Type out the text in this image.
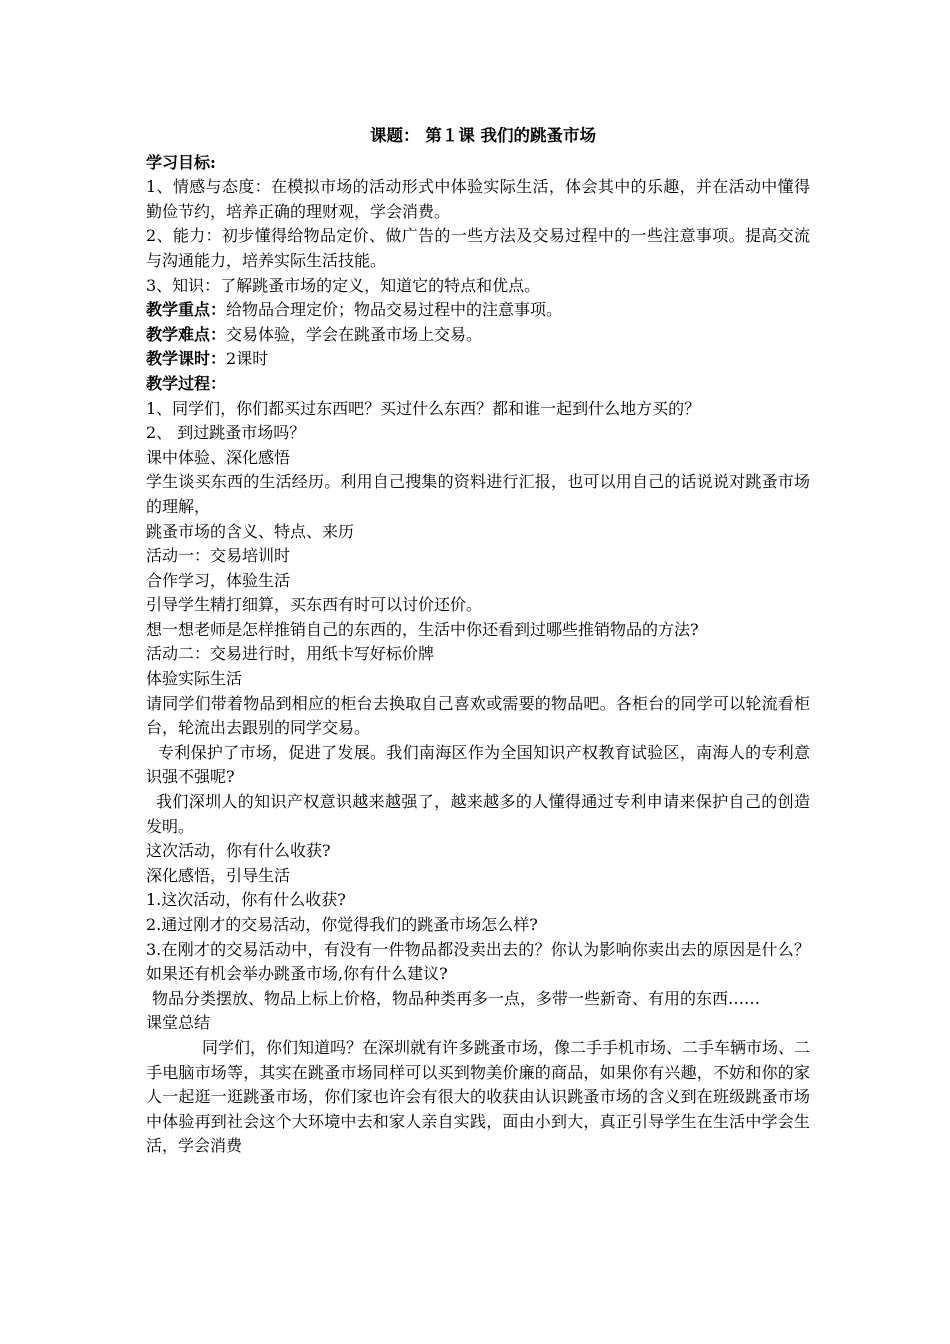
课题： 第１课 我们的跳蚤市场

学习目标:

1、情感与态度：在模拟市场的活动形式中体验实际生活，体会其中的乐趣，并在活动中懂得勤俭节约，培养正确的理财观，学会消费。

2、能力：初步懂得给物品定价、做广告的一些方法及交易过程中的一些注意事项。提高交流与沟通能力，培养实际生活技能。

3、知识：了解跳蚤市场的定义，知道它的特点和优点。

教学重点：给物品合理定价；物品交易过程中的注意事项。

教学难点：交易体验，学会在跳蚤市场上交易。

教学课时：2课时

教学过程：

1、同学们，你们都买过东西吧？买过什么东西？都和谁一起到什么地方买的？

2、 到过跳蚤市场吗？

课中体验、深化感悟

学生谈买东西的生活经历。利用自己搜集的资料进行汇报，也可以用自己的话说说对跳蚤市场的理解，

跳蚤市场的含义、特点、来历

活动一：交易培训时

合作学习，体验生活

引导学生精打细算，买东西有时可以讨价还价。

想一想老师是怎样推销自己的东西的，生活中你还看到过哪些推销物品的方法?

活动二：交易进行时，用纸卡写好标价牌

体验实际生活

请同学们带着物品到相应的柜台去换取自己喜欢或需要的物品吧。各柜台的同学可以轮流看柜台，轮流出去跟别的同学交易。

专利保护了市场，促进了发展。我们南海区作为全国知识产权教育试验区，南海人的专利意识强不强呢?

我们深圳人的知识产权意识越来越强了，越来越多的人懂得通过专利申请来保护自己的创造发明。

这次活动，你有什么收获?

深化感悟，引导生活

1.这次活动，你有什么收获?

2.通过刚才的交易活动，你觉得我们的跳蚤市场怎么样?

3.在刚才的交易活动中，有没有一件物品都没卖出去的？你认为影响你卖出去的原因是什么？如果还有机会举办跳蚤市场,你有什么建议?

物品分类摆放、物品上标上价格，物品种类再多一点，多带一些新奇、有用的东西……

课堂总结

同学们，你们知道吗？在深圳就有许多跳蚤市场，像二手手机市场、二手车辆市场、二手电脑市场等，其实在跳蚤市场同样可以买到物美价廉的商品，如果你有兴趣，不妨和你的家人一起逛一逛跳蚤市场，你们家也许会有很大的收获由认识跳蚤市场的含义到在班级跳蚤市场中体验再到社会这个大环境中去和家人亲自实践，面由小到大，真正引导学生在生活中学会生活，学会消费
